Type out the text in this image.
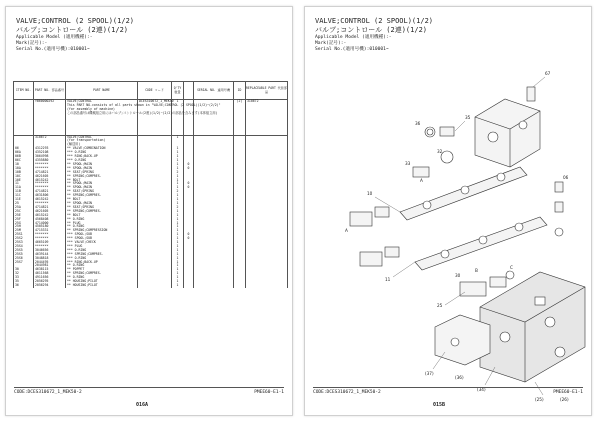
VALVE;CONTROL (2 SPOOL)(1/2)
バルブ;コントロール (2連)(1/2)
Applicable Model (適用機種):-
Mark(記号):-
Serial No.(適用号機):010001~
ITEM NO.	PART NO. 部品番号	PART NAME	CODE コード	Q'TY 数量		SERIAL NO. 適用号機	ID	REPLACEABLE PART 代替部品
	YB60000292	VALVE;CONTROL	DCES310672_1_MEK50	1			(2)	310672
		This PART NO.consists of all parts shown in "VALVE;CONTROL (2 SPOOL)(1/2)~(2/2)"						
		(for assembly of machine)						
		この部品番号は機械組立用にはバルブ;コントロール(2連)(1/2)~(2/2)の部品を含みます(本体組立用)						

	310672	VALVE;CONTROL		1				
		(for transportation)						
		(輸送用)						
06	4312293	** VALVE;COMBINATION		1				
06A	4352108	*** O-RING		1				
06B	3064998	*** RING;BACK-UP		1				
06C	4355880	*** O-RING		1				
10	*******	** SPOOL;MAIN		1	0			
10A	*******	** SPOOL;MAIN		1	0			
10B	4714821	** SEAT;SPRING		2				
10C	4621605	** SPRING;COMPRES.		1				
10E	4615242	** BOLT		1				
11	*******	** SPOOL;MAIN		1	0			
11A	*******	** SPOOL;MAIN		1	0			
11B	4714821	** SEAT;SPRING		2				
11C	4631806	** SPRING;COMPRES.		1				
11E	4615242	** BOLT		1				
25	*******	** SPOOL;MAIN		1				
25A	4714821	** SEAT;SPRING		2				
25C	4621605	** SPRING;COMPRES.		1				
25E	4615242	** BOLT		1				
25F	4568408	** O-RING		1				
25G	4714000	** PLUG		1				
25H	4505180	** O-RING		1				
25M	4715331	** SPRING;COMPRESSION		1				
25S1	*******	*** SPOOL;SUB		1	0			
25S2	*******	*** SPOOL;SUB		1	0			
25S3	4665109	*** VALVE;CHECK		1				
25S4	*******	*** PLUG		1				
25S5	3046656	*** O-RING		1				
25S5	4639144	*** SPRING;COMPRES.		1				
25S6	3048818	*** O-RING		1				
25S7	2044495	*** RING;BACK-UP		1				
	2044981	** O-RING		1				
30	4638115	** POPPET		1				
32	4611568	** SPRING;COMPRES.		1				
33	4911656	** O-RING		1				
35	2056295	** HOUSING;PILOT		1				
36	2056294	** HOUSING;PILOT		1				
CODE:DCES310672_1_MEK50-2	PMEE60-E1-1
016A
VALVE;CONTROL (2 SPOOL)(1/2)
バルブ;コントロール (2連)(1/2)
Applicable Model (適用機種):-
Mark(記号):-
Serial No.(適用号機):010001~
67
35
36
33
32
30
25
10
11
06
A
A
B
C
(37)
(36)
(34)
(25)	(26)
CODE:DCES310672_1_MEK50-2	PMEE60-E1-1
015B
